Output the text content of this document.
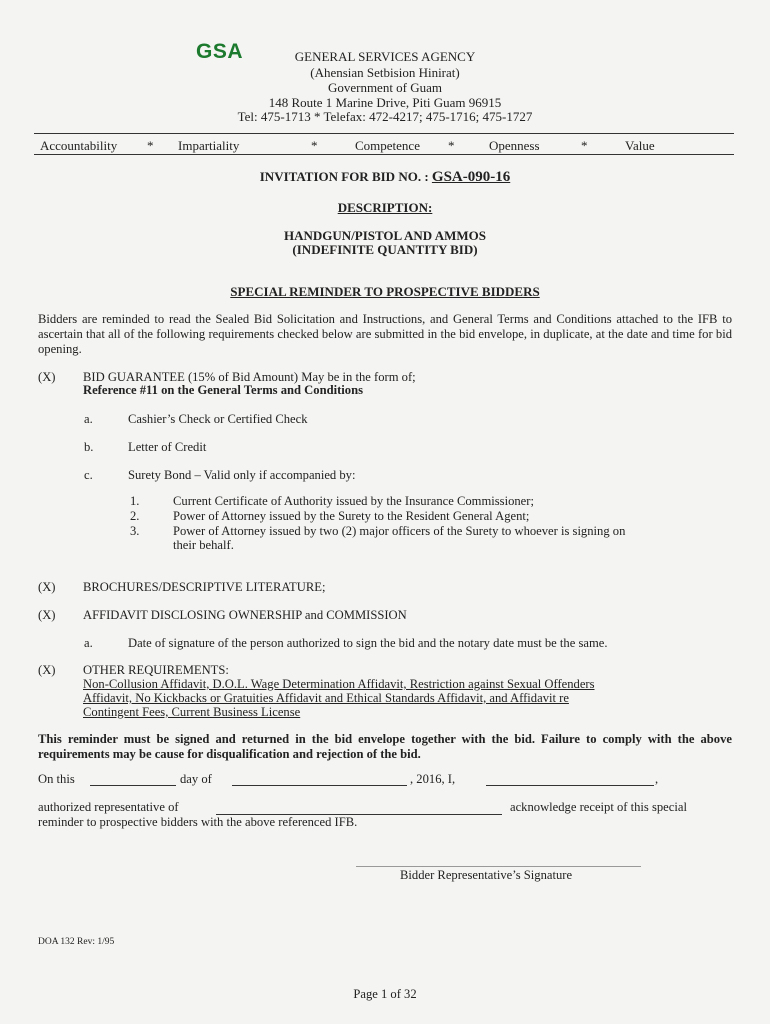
GSA	GENERAL SERVICES AGENCY
(Ahensian Setbision Hinirat)
Government of Guam
148 Route 1 Marine Drive, Piti Guam 96915
Tel: 475-1713 * Telefax: 472-4217; 475-1716; 475-1727
Accountability * Impartiality	*	Competence *	Openness	*	Value
INVITATION FOR BID NO. : GSA-090-16
DESCRIPTION:
HANDGUN/PISTOL AND AMMOS
(INDEFINITE QUANTITY BID)
SPECIAL REMINDER TO PROSPECTIVE BIDDERS
Bidders are reminded to read the Sealed Bid Solicitation and Instructions, and General Terms and Conditions attached to the IFB to ascertain that all of the following requirements checked below are submitted in the bid envelope, in duplicate, at the date and time for bid opening.
(X) BID GUARANTEE (15% of Bid Amount) May be in the form of;
Reference #11 on the General Terms and Conditions
a.	Cashier’s Check or Certified Check
b.	Letter of Credit
c.	Surety Bond – Valid only if accompanied by:
1.	Current Certificate of Authority issued by the Insurance Commissioner;
2.	Power of Attorney issued by the Surety to the Resident General Agent;
3.	Power of Attorney issued by two (2) major officers of the Surety to whoever is signing on
their behalf.
(X) BROCHURES/DESCRIPTIVE LITERATURE;
(X) AFFIDAVIT DISCLOSING OWNERSHIP and COMMISSION
a.	Date of signature of the person authorized to sign the bid and the notary date must be the same.
(X) OTHER REQUIREMENTS:
Non-Collusion Affidavit, D.O.L. Wage Determination Affidavit, Restriction against Sexual Offenders
Affidavit, No Kickbacks or Gratuities Affidavit and Ethical Standards Affidavit, and Affidavit re
Contingent Fees, Current Business License
This reminder must be signed and returned in the bid envelope together with the bid. Failure to comply with the above requirements may be cause for disqualification and rejection of the bid.
On this	day of	, 2016, I,	,
authorized representative of	acknowledge receipt of this special
reminder to prospective bidders with the above referenced IFB.
Bidder Representative’s Signature
DOA 132 Rev: 1/95
Page 1 of 32
